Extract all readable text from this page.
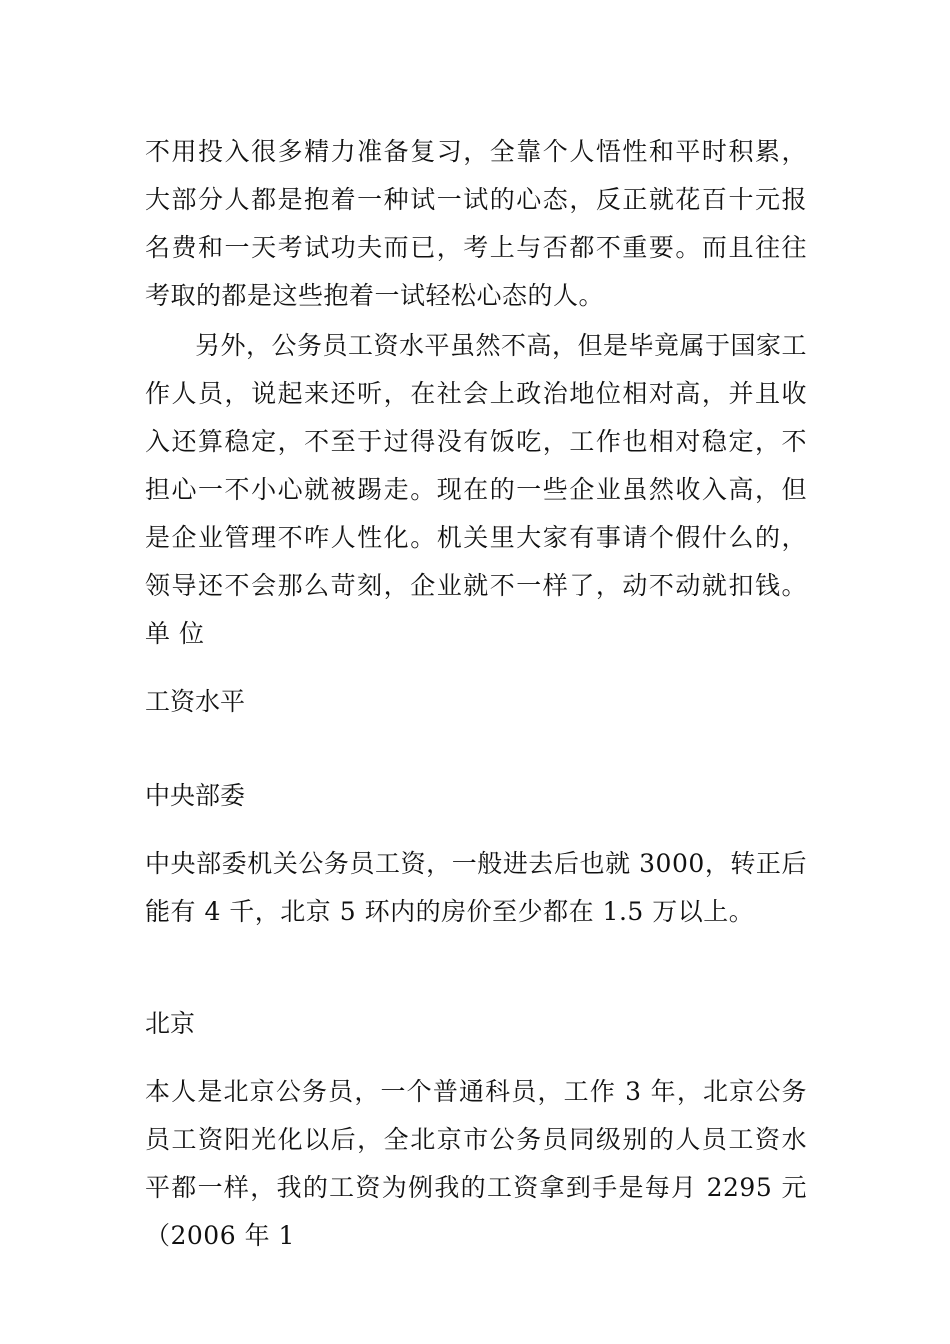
不用投入很多精力准备复习，全靠个人悟性和平时积累，大部分人都是抱着一种试一试的心态，反正就花百十元报名费和一天考试功夫而已，考上与否都不重要。而且往往考取的都是这些抱着一试轻松心态的人。

另外，公务员工资水平虽然不高，但是毕竟属于国家工作人员，说起来还听，在社会上政治地位相对高，并且收入还算稳定，不至于过得没有饭吃，工作也相对稳定，不担心一不小心就被踢走。现在的一些企业虽然收入高，但是企业管理不咋人性化。机关里大家有事请个假什么的，领导还不会那么苛刻，企业就不一样了，动不动就扣钱。单 位

工资水平

中央部委

中央部委机关公务员工资，一般进去后也就 3000，转正后能有 4 千，北京 5 环内的房价至少都在 1.5 万以上。

北京

本人是北京公务员，一个普通科员，工作 3 年，北京公务员工资阳光化以后，全北京市公务员同级别的人员工资水平都一样，我的工资为例我的工资拿到手是每月 2295 元（2006 年 1
